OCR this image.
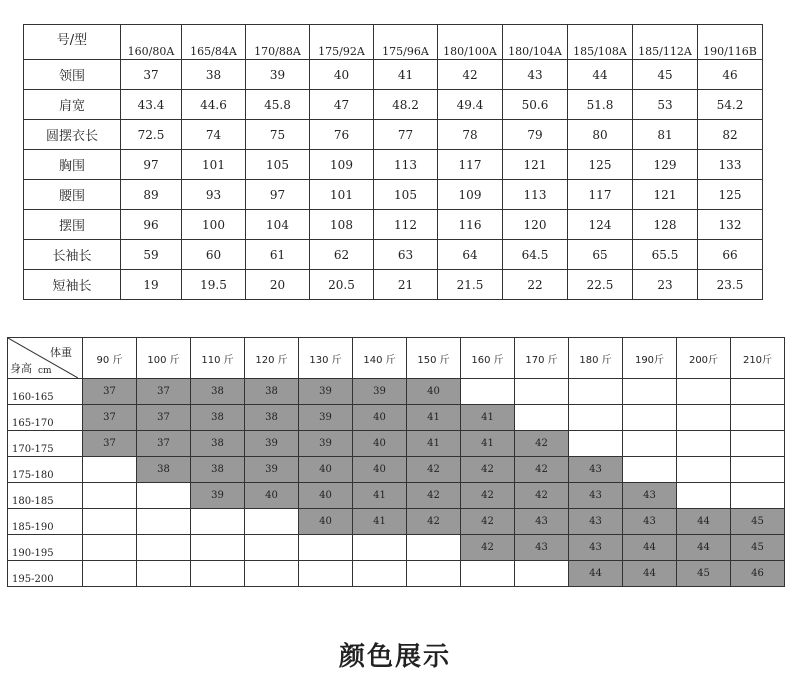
号/型	160/80A	165/84A	170/88A	175/92A	175/96A	180/100A	180/104A	185/108A	185/112A	190/116B
领围	37	38	39	40	41	42	43	44	45	46
肩宽	43.4	44.6	45.8	47	48.2	49.4	50.6	51.8	53	54.2
圆摆衣长	72.5	74	75	76	77	78	79	80	81	82
胸围	97	101	105	109	113	117	121	125	129	133
腰围	89	93	97	101	105	109	113	117	121	125
摆围	96	100	104	108	112	116	120	124	128	132
长袖长	59	60	61	62	63	64	64.5	65	65.5	66
短袖长	19	19.5	20	20.5	21	21.5	22	22.5	23	23.5
体重
身高 cm	90 斤	100 斤	110 斤	120 斤	130 斤	140 斤	150 斤	160 斤	170 斤	180 斤	190斤	200斤	210斤
160-165	37	37	38	38	39	39	40						
165-170	37	37	38	38	39	40	41	41					
170-175	37	37	38	39	39	40	41	41	42				
175-180		38	38	39	40	40	42	42	42	43			
180-185			39	40	40	41	42	42	42	43	43		
185-190					40	41	42	42	43	43	43	44	45
190-195								42	43	43	44	44	45
195-200										44	44	45	46
颜色展示
